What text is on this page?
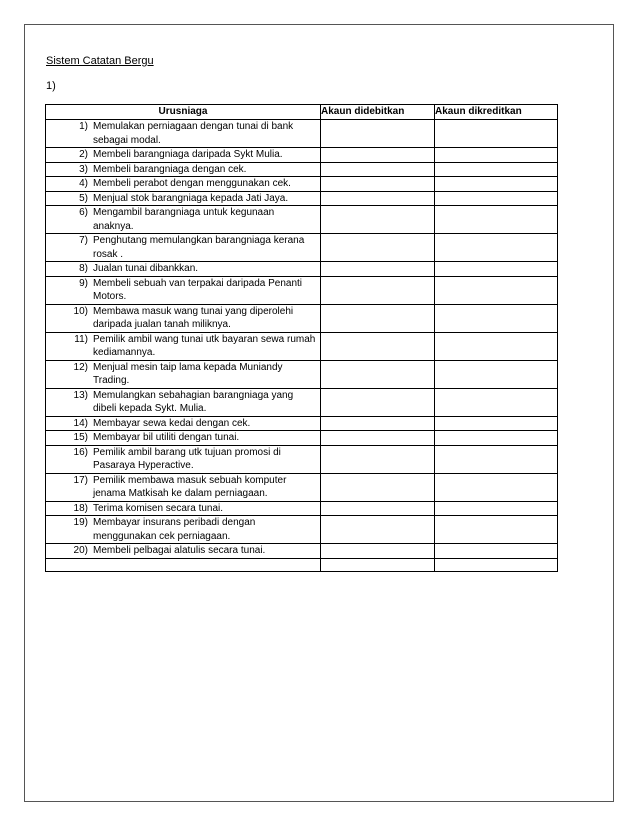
Sistem Catatan Bergu
1)
Urusniaga	Akaun didebitkan	Akaun dikreditkan

1) Memulakan perniagaan dengan tunai di bank sebagai modal.		

2) Membeli barangniaga daripada Sykt Mulia.		

3) Membeli barangniaga dengan cek.		

4) Membeli perabot dengan menggunakan cek.		

5) Menjual stok barangniaga kepada Jati Jaya.		

6) Mengambil barangniaga untuk kegunaan anaknya.		

7) Penghutang memulangkan barangniaga kerana rosak .		

8) Jualan tunai dibankkan.		

9) Membeli sebuah van terpakai daripada Penanti Motors.		

10) Membawa masuk wang tunai yang diperolehi daripada jualan tanah miliknya.		

11) Pemilik ambil wang tunai utk bayaran sewa rumah kediamannya.		

12) Menjual mesin taip lama kepada Muniandy Trading.		

13) Memulangkan sebahagian barangniaga yang dibeli kepada Sykt. Mulia.		

14) Membayar sewa kedai dengan cek.		

15) Membayar bil utiliti dengan tunai.		

16) Pemilik ambil barang utk tujuan promosi di Pasaraya Hyperactive.		

17) Pemilik membawa masuk sebuah komputer jenama Matkisah ke dalam perniagaan.		

18) Terima komisen secara tunai.		

19) Membayar insurans peribadi dengan menggunakan cek perniagaan.		

20) Membeli pelbagai alatulis secara tunai.		
